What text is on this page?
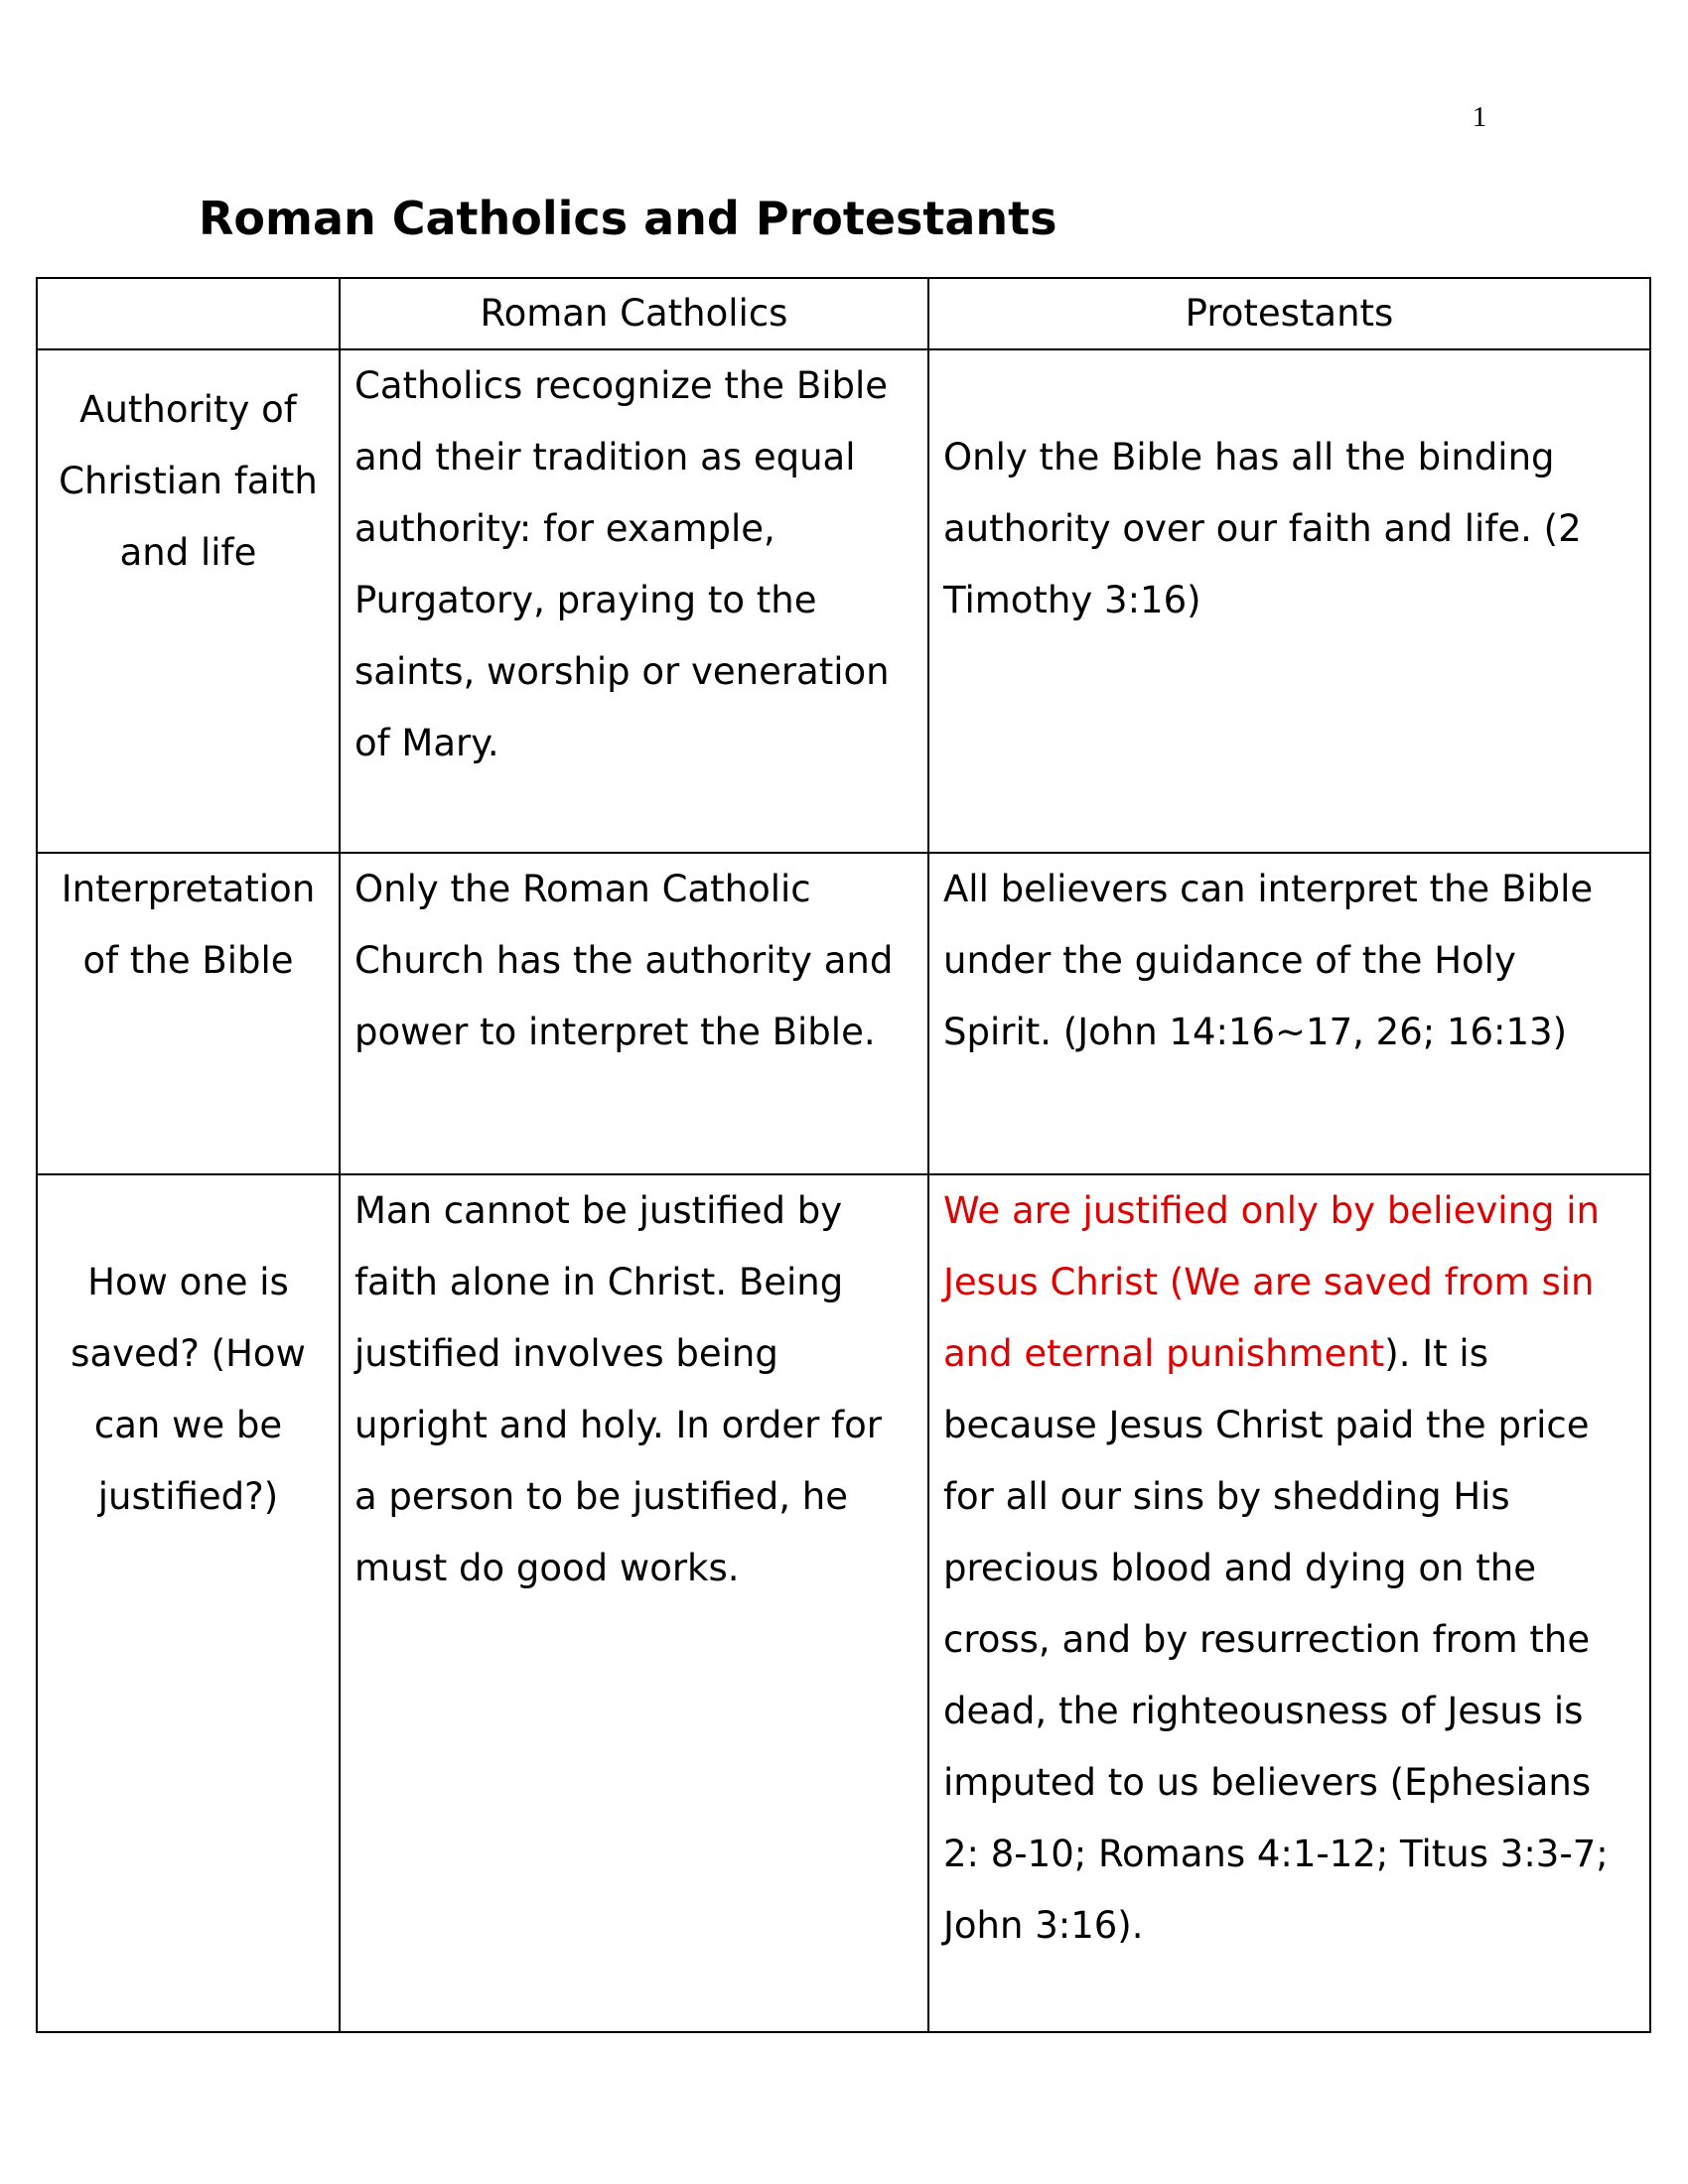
1
Roman Catholics and Protestants
	Roman Catholics	Protestants
Authority of Christian faith and life	Catholics recognize the Bible and their tradition as equal authority: for example, Purgatory, praying to the saints, worship or veneration of Mary.	Only the Bible has all the binding authority over our faith and life. (2 Timothy 3:16)
Interpretation of the Bible	Only the Roman Catholic Church has the authority and power to interpret the Bible.	All believers can interpret the Bible under the guidance of the Holy Spirit. (John 14:16~17, 26; 16:13)
How one is saved? (How can we be justified?)	Man cannot be justified by faith alone in Christ. Being justified involves being upright and holy. In order for a person to be justified, he must do good works.	We are justified only by believing in Jesus Christ (We are saved from sin and eternal punishment). It is because Jesus Christ paid the price for all our sins by shedding His precious blood and dying on the cross, and by resurrection from the dead, the righteousness of Jesus is imputed to us believers (Ephesians 2: 8-10; Romans 4:1-12; Titus 3:3-7; John 3:16).
